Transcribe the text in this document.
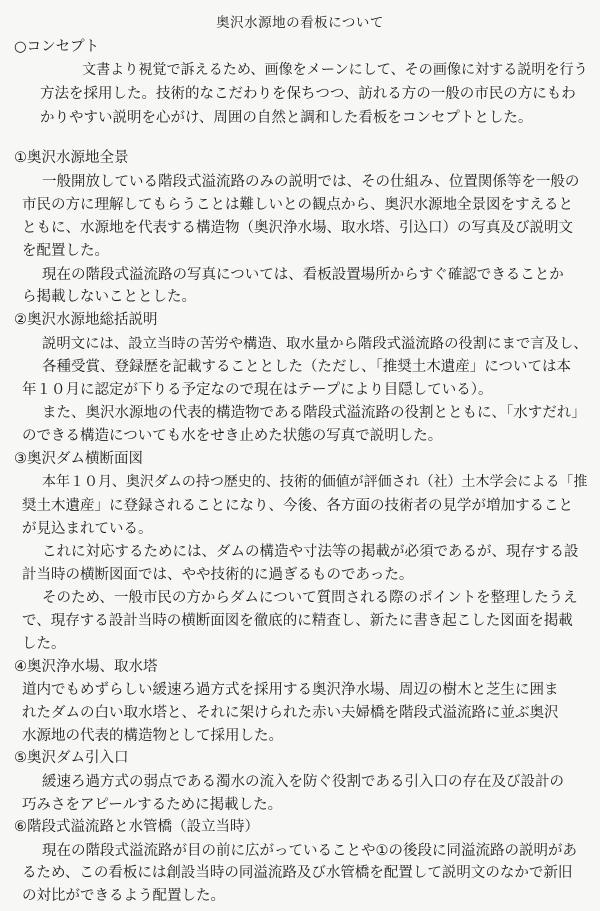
奥沢水源地の看板について
○コンセプト
文書より視覚で訴えるため、画像をメーンにして、その画像に対する説明を行う
方法を採用した。技術的なこだわりを保ちつつ、訪れる方の一般の市民の方にもわ
かりやすい説明を心がけ、周囲の自然と調和した看板をコンセプトとした。
①奥沢水源地全景
一般開放している階段式溢流路のみの説明では、その仕組み、位置関係等を一般の
市民の方に理解してもらうことは難しいとの観点から、奥沢水源地全景図をすえると
ともに、水源地を代表する構造物（奥沢浄水場、取水塔、引込口）の写真及び説明文
を配置した。
現在の階段式溢流路の写真については、看板設置場所からすぐ確認できることか
ら掲載しないこととした。
②奥沢水源地総括説明
説明文には、設立当時の苦労や構造、取水量から階段式溢流路の役割にまで言及し、
各種受賞、登録歴を記載することとした（ただし、「推奨土木遺産」については本
年１０月に認定が下りる予定なので現在はテープにより目隠している）。
また、奥沢水源地の代表的構造物である階段式溢流路の役割とともに、「水すだれ」
のできる構造についても水をせき止めた状態の写真で説明した。
③奥沢ダム横断面図
本年１０月、奥沢ダムの持つ歴史的、技術的価値が評価され（社）土木学会による「推
奨土木遺産」に登録されることになり、今後、各方面の技術者の見学が増加すること
が見込まれている。
これに対応するためには、ダムの構造や寸法等の掲載が必須であるが、現存する設
計当時の横断図面では、やや技術的に過ぎるものであった。
そのため、一般市民の方からダムについて質問される際のポイントを整理したうえ
で、現存する設計当時の横断面図を徹底的に精査し、新たに書き起こした図面を掲載
した。
④奥沢浄水場、取水塔
道内でもめずらしい緩速ろ過方式を採用する奥沢浄水場、周辺の樹木と芝生に囲ま
れたダムの白い取水塔と、それに架けられた赤い夫婦橋を階段式溢流路に並ぶ奥沢
水源地の代表的構造物として採用した。
⑤奥沢ダム引入口
緩速ろ過方式の弱点である濁水の流入を防ぐ役割である引入口の存在及び設計の
巧みさをアピールするために掲載した。
⑥階段式溢流路と水管橋（設立当時）
現在の階段式溢流路が目の前に広がっていることや①の後段に同溢流路の説明があ
るため、この看板には創設当時の同溢流路及び水管橋を配置して説明文のなかで新旧
の対比ができるよう配置した。
